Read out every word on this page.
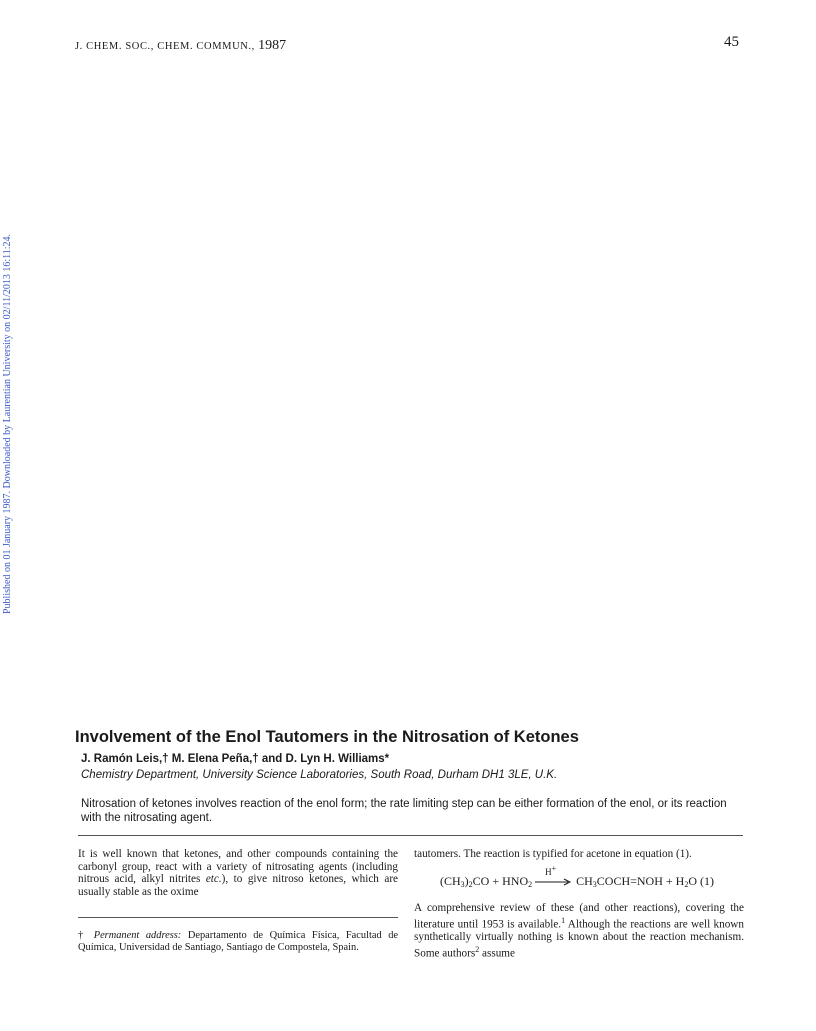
J. CHEM. SOC., CHEM. COMMUN., 1987	45
Published on 01 January 1987. Downloaded by Laurentian University on 02/11/2013 16:11:24.
Involvement of the Enol Tautomers in the Nitrosation of Ketones
J. Ramón Leis,† M. Elena Peña,† and D. Lyn H. Williams*
Chemistry Department, University Science Laboratories, South Road, Durham DH1 3LE, U.K.

Nitrosation of ketones involves reaction of the enol form; the rate limiting step can be either formation of the enol, or its reaction with the nitrosating agent.

It is well known that ketones, and other compounds containing the carbonyl group, react with a variety of nitrosating agents (including nitrous acid, alkyl nitrites etc.), to give nitroso ketones, which are usually stable as the oxime

† Permanent address: Departamento de Química Física, Facultad de Química, Universidad de Santiago, Santiago de Compostela, Spain.

tautomers. The reaction is typified for acetone in equation (1).

$(CH_3)_2CO + HNO_2$
H+
$CH_3COCH=NOH + H_2O$ (1)

A comprehensive review of these (and other reactions), covering the literature until 1953 is available.$^1$ Although the reactions are well known synthetically virtually nothing is known about the reaction mechanism. Some authors$^2$ assume
